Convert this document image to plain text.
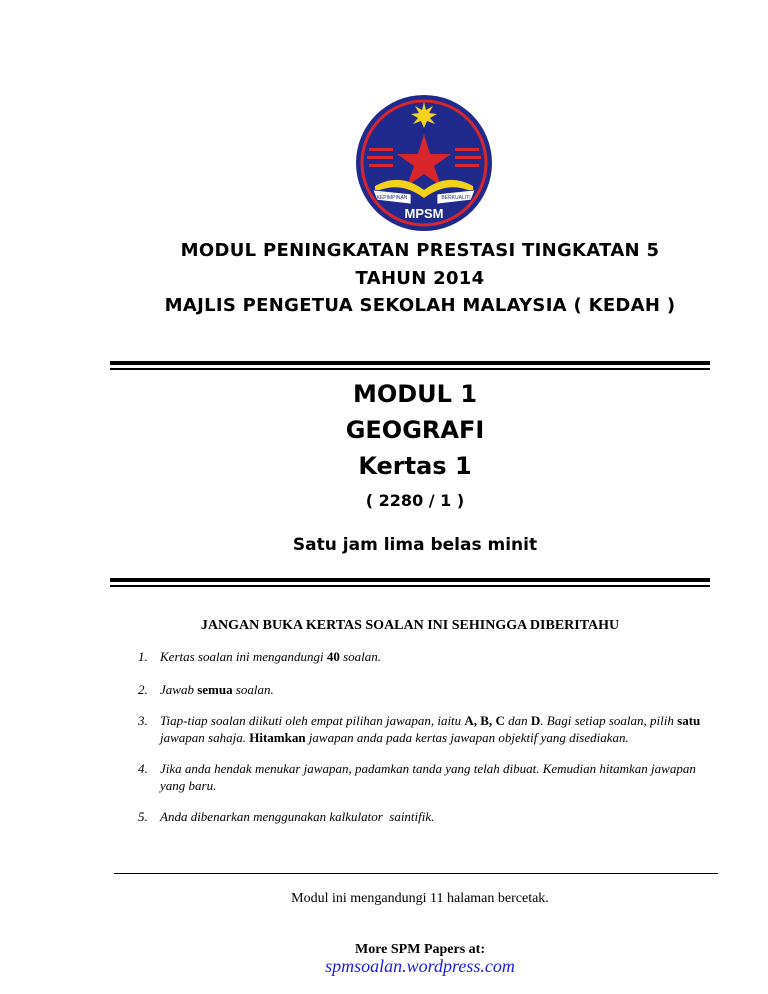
KEPIMPINAN	BERKUALITI
MPSM
MODUL PENINGKATAN PRESTASI TINGKATAN 5
TAHUN 2014
MAJLIS PENGETUA SEKOLAH MALAYSIA ( KEDAH )
MODUL 1
GEOGRAFI
Kertas 1
( 2280 / 1 )
Satu jam lima belas minit
JANGAN BUKA KERTAS SOALAN INI SEHINGGA DIBERITAHU
1. Kertas soalan ini mengandungi 40 soalan.
2. Jawab semua soalan.
3. Tiap-tiap soalan diikuti oleh empat pilihan jawapan, iaitu A, B, C dan D. Bagi setiap soalan, pilih satu jawapan sahaja. Hitamkan jawapan anda pada kertas jawapan objektif yang disediakan.
4. Jika anda hendak menukar jawapan, padamkan tanda yang telah dibuat. Kemudian hitamkan jawapan yang baru.
5. Anda dibenarkan menggunakan kalkulator  saintifik.
Modul ini mengandungi 11 halaman bercetak.
More SPM Papers at:
spmsoalan.wordpress.com
